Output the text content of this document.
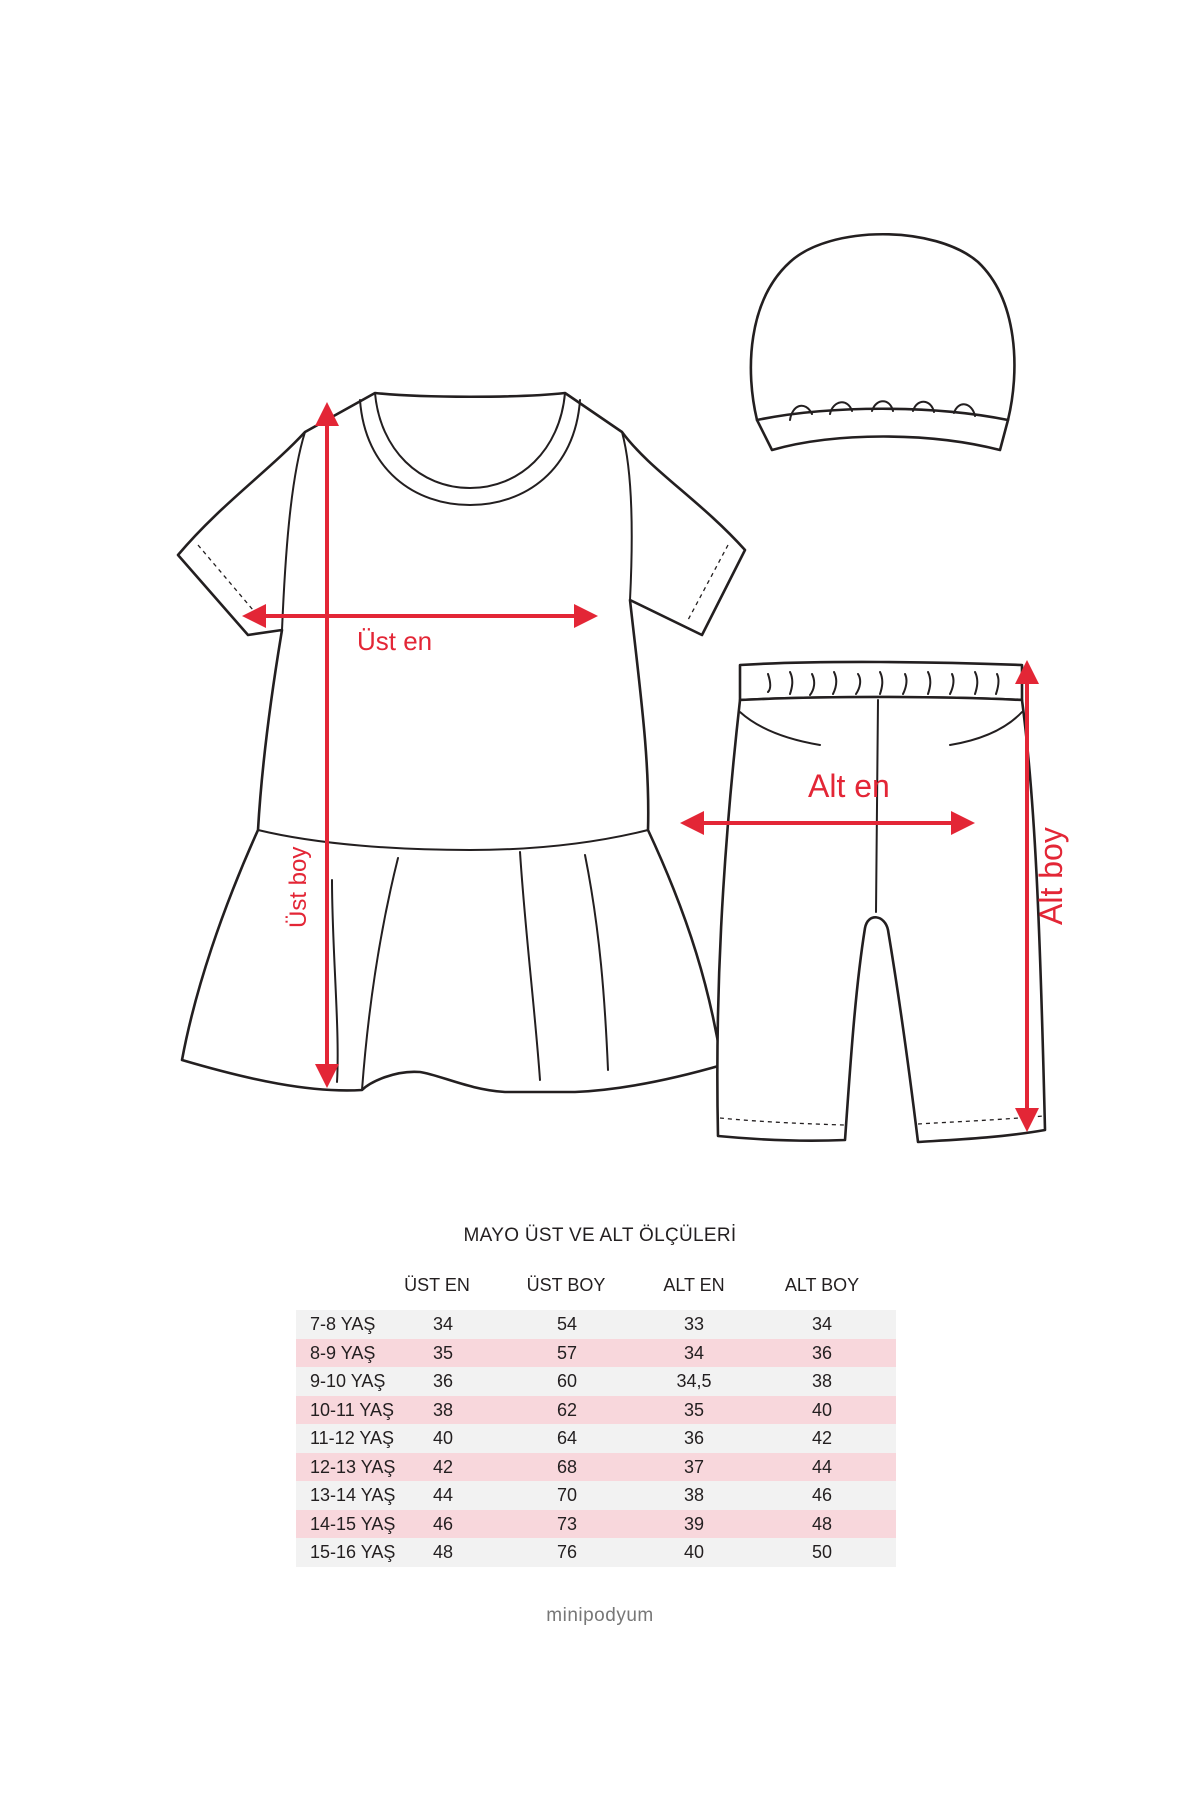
Üst en
Üst boy
Alt en
Alt boy
MAYO ÜST VE ALT ÖLÇÜLERİ
ÜST EN	ÜST BOY	ALT EN	ALT BOY
7-8 YAŞ	34	54	33	34
8-9 YAŞ	35	57	34	36
9-10 YAŞ	36	60	34,5	38
10-11 YAŞ 38	62	35	40
11-12 YAŞ 40	64	36	42
12-13 YAŞ 42	68	37	44
13-14 YAŞ 44	70	38	46
14-15 YAŞ 46	73	39	48
15-16 YAŞ 48	76	40	50
minipodyum
